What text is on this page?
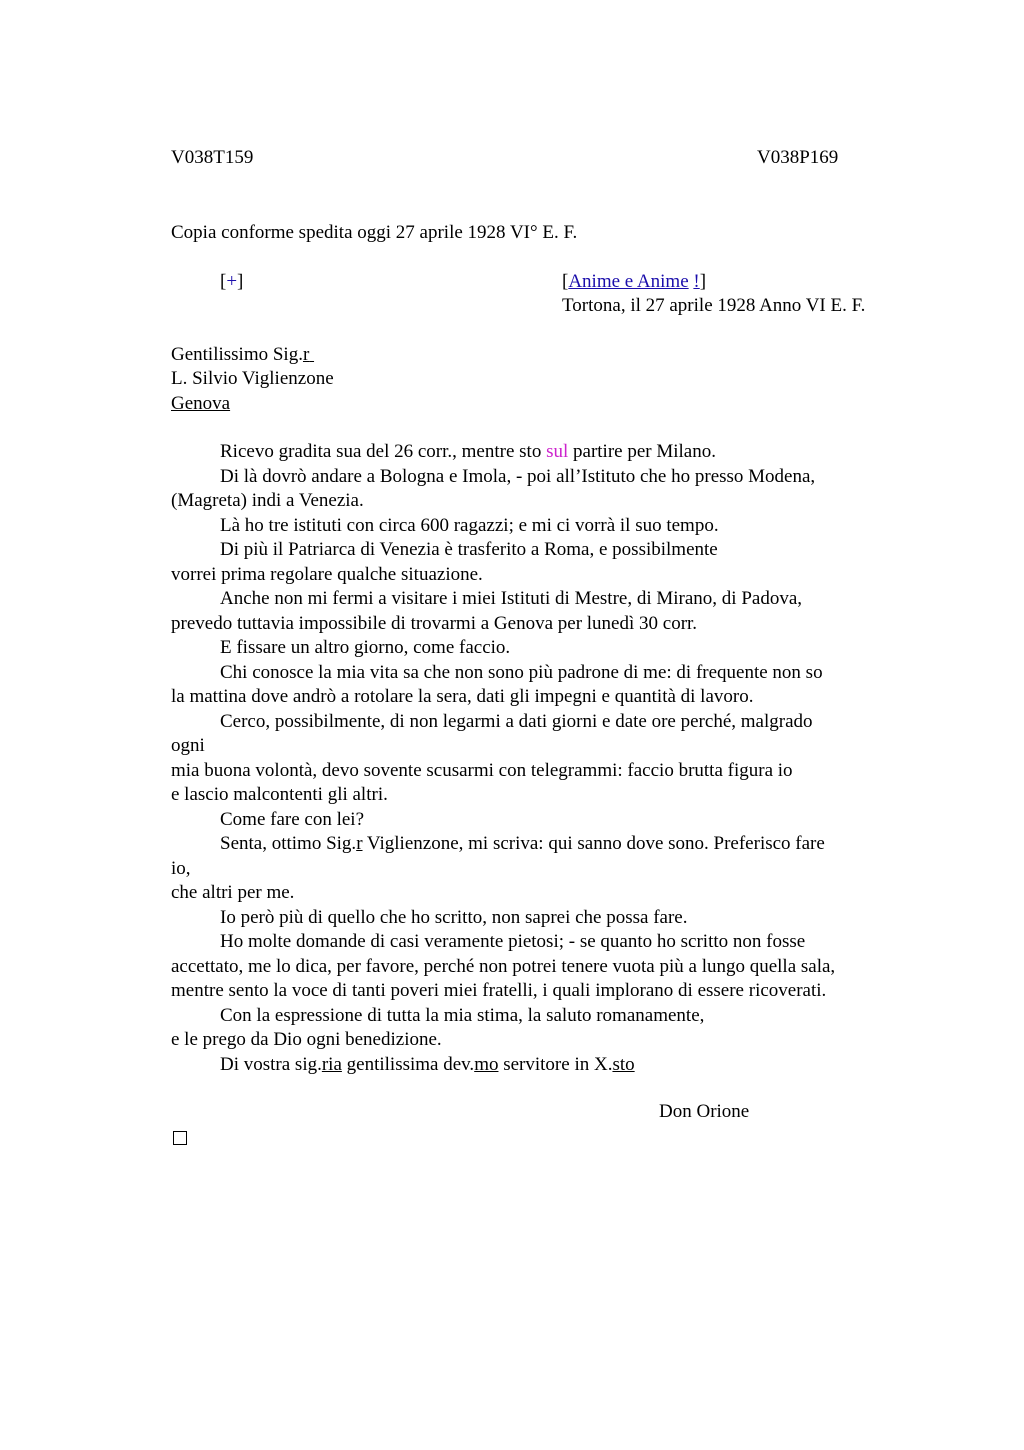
V038T159	V038P169
Copia conforme spedita oggi 27 aprile 1928 VI° E. F.
[+]	[Anime e Anime !]
Tortona, il 27 aprile 1928 Anno VI E. F.
Gentilissimo Sig.r
L. Silvio Viglienzone
Genova
Ricevo gradita sua del 26 corr., mentre sto sul partire per Milano.
Di là dovrò andare a Bologna e Imola, - poi all’Istituto che ho presso Modena,
(Magreta) indi a Venezia.
Là ho tre istituti con circa 600 ragazzi; e mi ci vorrà il suo tempo.
Di più il Patriarca di Venezia è trasferito a Roma, e possibilmente
vorrei prima regolare qualche situazione.
Anche non mi fermi a visitare i miei Istituti di Mestre, di Mirano, di Padova,
prevedo tuttavia impossibile di trovarmi a Genova per lunedì 30 corr.
E fissare un altro giorno, come faccio.
Chi conosce la mia vita sa che non sono più padrone di me: di frequente non so
la mattina dove andrò a rotolare la sera, dati gli impegni e quantità di lavoro.
Cerco, possibilmente, di non legarmi a dati giorni e date ore perché, malgrado
ogni
mia buona volontà, devo sovente scusarmi con telegrammi: faccio brutta figura io
e lascio malcontenti gli altri.
Come fare con lei?
Senta, ottimo Sig.r Viglienzone, mi scriva: qui sanno dove sono. Preferisco fare
io,
che altri per me.
Io però più di quello che ho scritto, non saprei che possa fare.
Ho molte domande di casi veramente pietosi; - se quanto ho scritto non fosse
accettato, me lo dica, per favore, perché non potrei tenere vuota più a lungo quella sala,
mentre sento la voce di tanti poveri miei fratelli, i quali implorano di essere ricoverati.
Con la espressione di tutta la mia stima, la saluto romanamente,
e le prego da Dio ogni benedizione.
Di vostra sig.ria gentilissima dev.mo servitore in X.sto
Don Orione
